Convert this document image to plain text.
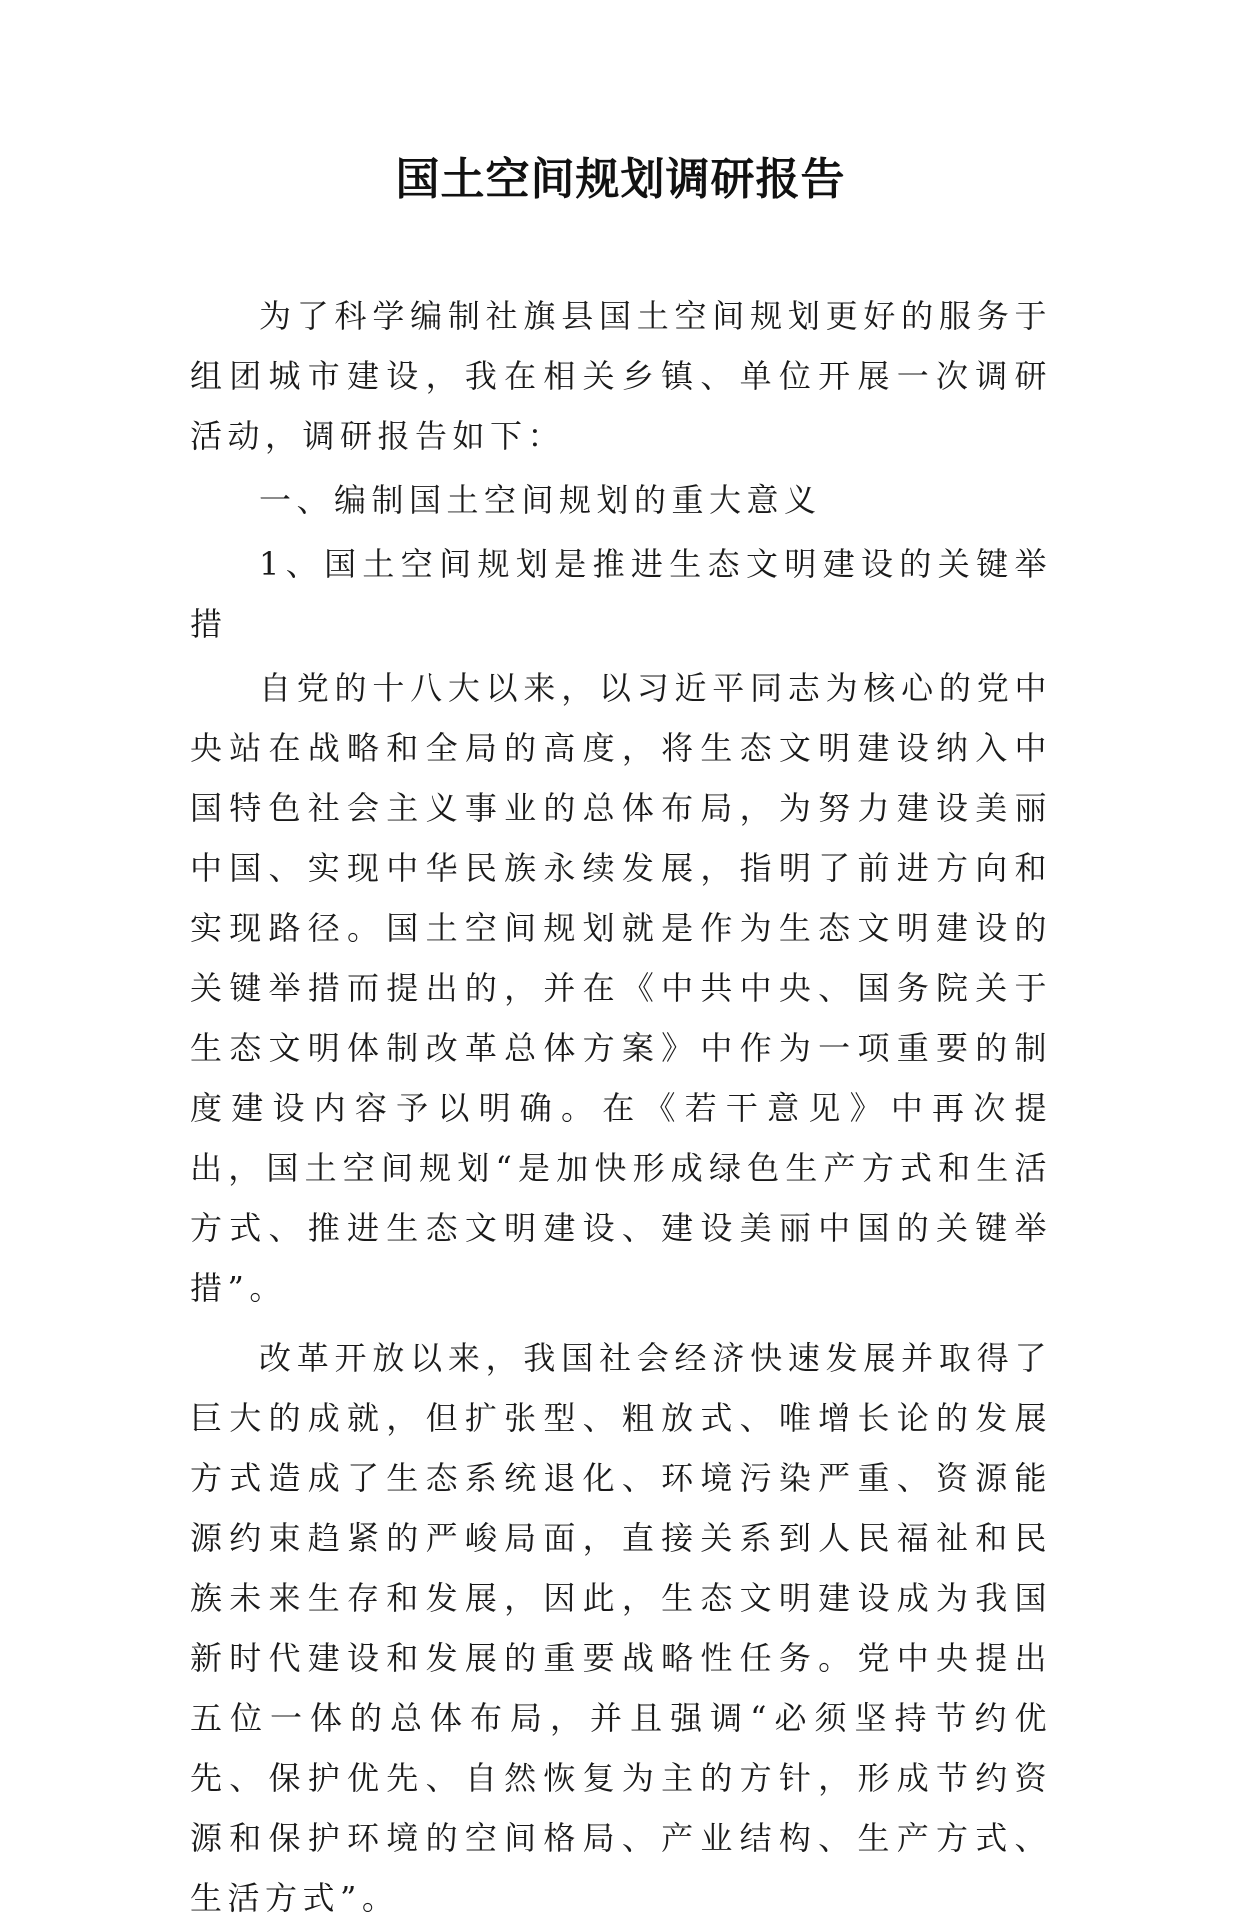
国土空间规划调研报告

为了科学编制社旗县国土空间规划更好的服务于组团城市建设，我在相关乡镇、单位开展一次调研活动，调研报告如下：

一、编制国土空间规划的重大意义

1、国土空间规划是推进生态文明建设的关键举措

自党的十八大以来，以习近平同志为核心的党中央站在战略和全局的高度，将生态文明建设纳入中国特色社会主义事业的总体布局，为努力建设美丽中国、实现中华民族永续发展，指明了前进方向和实现路径。国土空间规划就是作为生态文明建设的关键举措而提出的，并在《中共中央、国务院关于生态文明体制改革总体方案》中作为一项重要的制度建设内容予以明确。在《若干意见》中再次提出，国土空间规划“是加快形成绿色生产方式和生活方式、推进生态文明建设、建设美丽中国的关键举措”。

改革开放以来，我国社会经济快速发展并取得了巨大的成就，但扩张型、粗放式、唯增长论的发展方式造成了生态系统退化、环境污染严重、资源能源约束趋紧的严峻局面，直接关系到人民福祉和民族未来生存和发展，因此，生态文明建设成为我国新时代建设和发展的重要战略性任务。党中央提出五位一体的总体布局，并且强调“必须坚持节约优先、保护优先、自然恢复为主的方针，形成节约资源和保护环境的空间格局、产业结构、生产方式、生活方式”。
